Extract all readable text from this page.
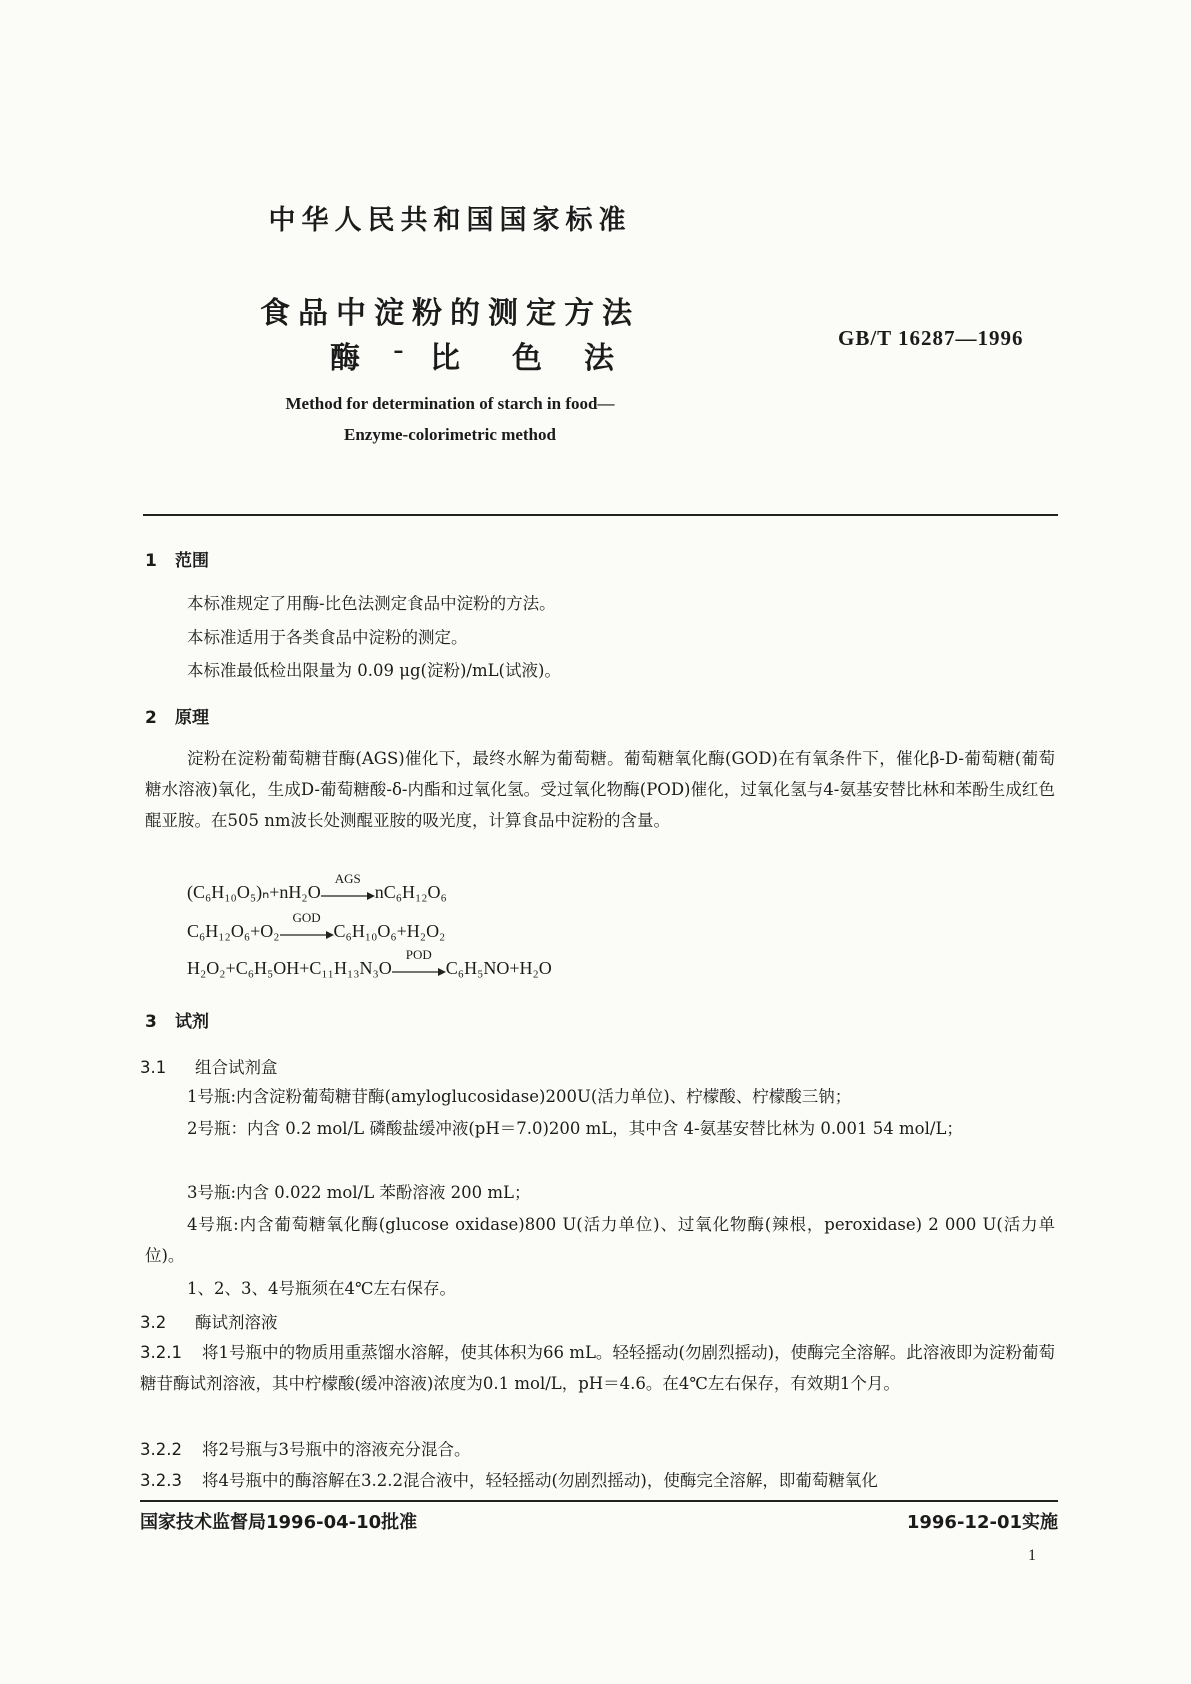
中华人民共和国国家标准
食品中淀粉的测定方法
酶 - 比 色 法
GB/T 16287—1996
Method for determination of starch in food—
Enzyme-colorimetric method
1 范围
本标准规定了用酶-比色法测定食品中淀粉的方法。
本标准适用于各类食品中淀粉的测定。
本标准最低检出限量为 0.09 μg(淀粉)/mL(试液)。
2 原理
淀粉在淀粉葡萄糖苷酶(AGS)催化下，最终水解为葡萄糖。葡萄糖氧化酶(GOD)在有氧条件下，催化β-D-葡萄糖(葡萄糖水溶液)氧化，生成D-葡萄糖酸-δ-内酯和过氧化氢。受过氧化物酶(POD)催化，过氧化氢与4-氨基安替比林和苯酚生成红色醌亚胺。在505 nm波长处测醌亚胺的吸光度，计算食品中淀粉的含量。
(C₆H₁₀O₅)ₙ+nH₂O
AGS
nC₆H₁₂O₆
C₆H₁₂O₆+O₂
GOD
C₆H₁₀O₆+H₂O₂
H₂O₂+C₆H₅OH+C₁₁H₁₃N₃O
POD
C₆H₅NO+H₂O
3 试剂
3.1 组合试剂盒
1号瓶:内含淀粉葡萄糖苷酶(amyloglucosidase)200U(活力单位)、柠檬酸、柠檬酸三钠；
2号瓶：内含 0.2 mol/L 磷酸盐缓冲液(pH＝7.0)200 mL，其中含 4-氨基安替比林为 0.001 54 mol/L；
3号瓶:内含 0.022 mol/L 苯酚溶液 200 mL；
4号瓶:内含葡萄糖氧化酶(glucose oxidase)800 U(活力单位)、过氧化物酶(辣根，peroxidase) 2 000 U(活力单位)。
1、2、3、4号瓶须在4℃左右保存。
3.2 酶试剂溶液
3.2.1 将1号瓶中的物质用重蒸馏水溶解，使其体积为66 mL。轻轻摇动(勿剧烈摇动)，使酶完全溶解。此溶液即为淀粉葡萄糖苷酶试剂溶液，其中柠檬酸(缓冲溶液)浓度为0.1 mol/L，pH＝4.6。在4℃左右保存，有效期1个月。
3.2.2 将2号瓶与3号瓶中的溶液充分混合。
3.2.3 将4号瓶中的酶溶解在3.2.2混合液中，轻轻摇动(勿剧烈摇动)，使酶完全溶解，即葡萄糖氧化
国家技术监督局1996-04-10批准	1996-12-01实施
1
